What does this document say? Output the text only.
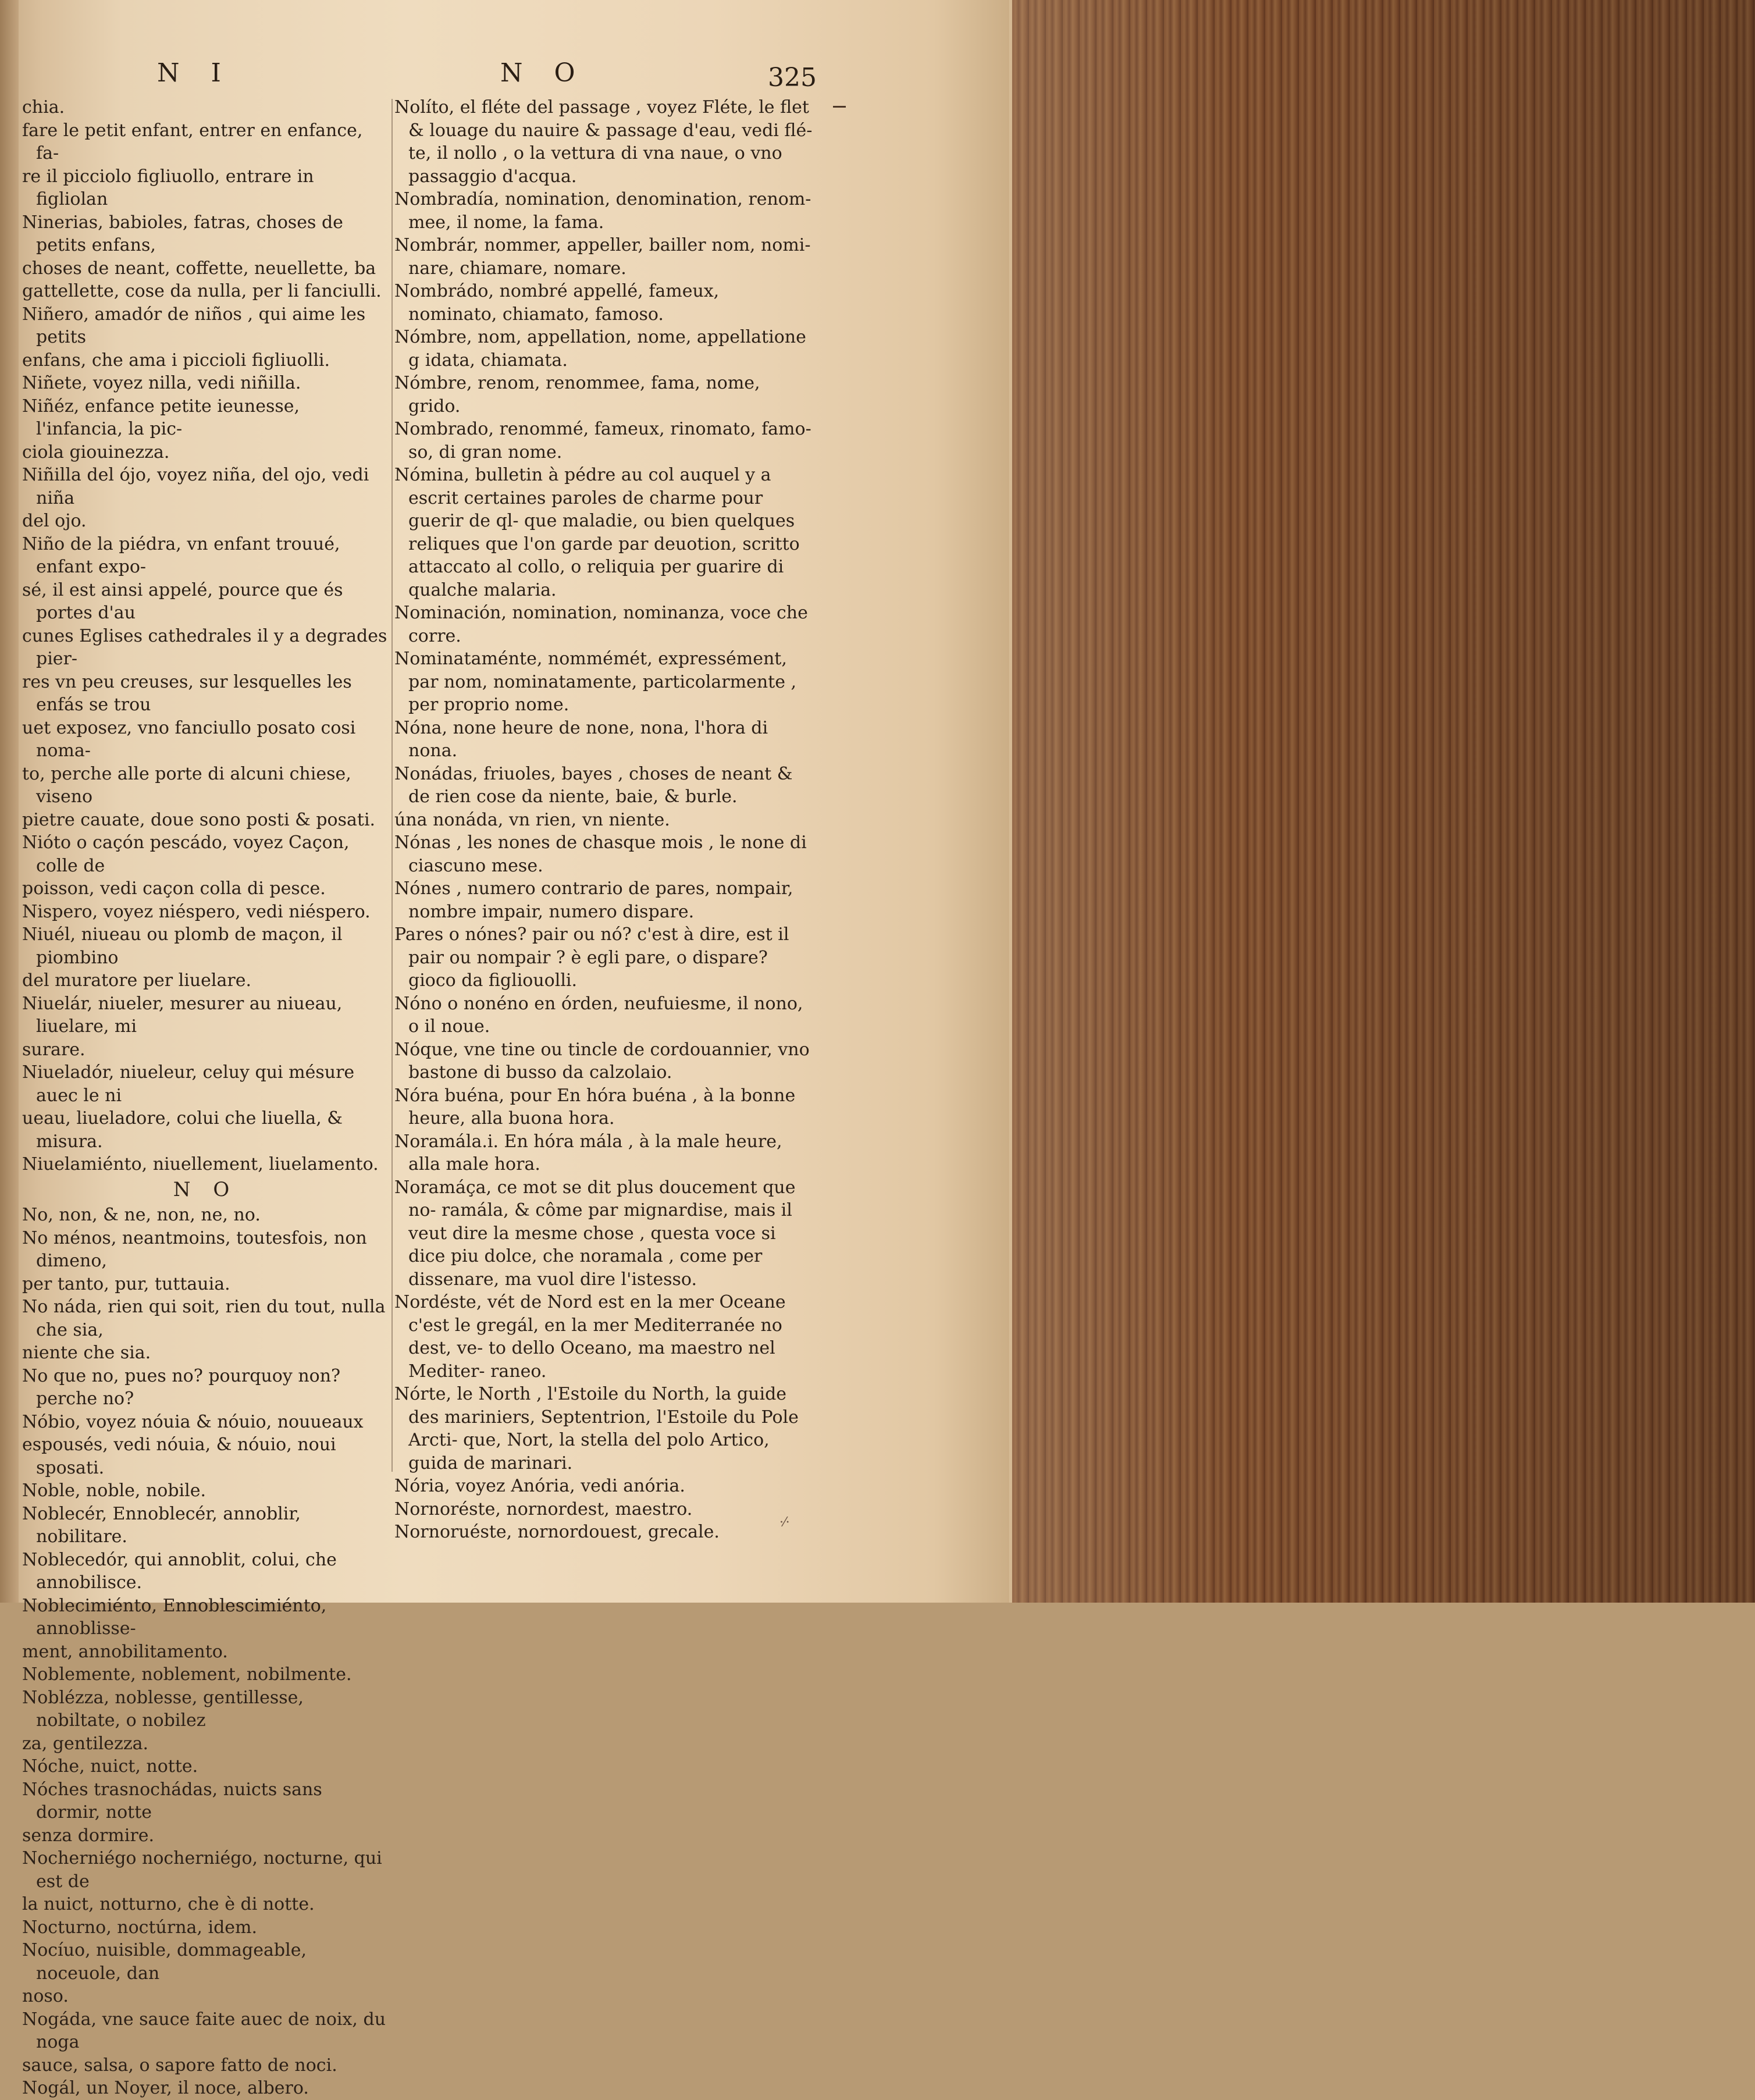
N I	N O	325
chia.
fare le petit enfant, entrer en enfance, fa-
re il picciolo figliuollo, entrare in figliolan
Ninerias, babioles, fatras, choses de petits enfans,
choses de neant, coffette, neuellette, ba
gattellette, cose da nulla, per li fanciulli.
Niñero, amadór de niños , qui aime les petits
enfans, che ama i piccioli figliuolli.
Niñete, voyez nilla, vedi niñilla.
Niñéz, enfance petite ieunesse, l'infancia, la pic-
ciola giouinezza.
Niñilla del ójo, voyez niña, del ojo, vedi niña
del ojo.
Niño de la piédra, vn enfant trouué, enfant expo-
sé, il est ainsi appelé, pource que és portes d'au
cunes Eglises cathedrales il y a degrades pier-
res vn peu creuses, sur lesquelles les enfás se trou
uet exposez, vno fanciullo posato cosi noma-
to, perche alle porte di alcuni chiese, viseno
pietre cauate, doue sono posti & posati.
Nióto o caçón pescádo, voyez Caçon, colle de
poisson, vedi caçon colla di pesce.
Nispero, voyez niéspero, vedi niéspero.
Niuél, niueau ou plomb de maçon, il piombino
del muratore per liuelare.
Niuelár, niueler, mesurer au niueau, liuelare, mi
surare.
Niueladór, niueleur, celuy qui mésure auec le ni
ueau, liueladore, colui che liuella, & misura.
Niuelamiénto, niuellement, liuelamento.
N O
No, non, & ne, non, ne, no.
No ménos, neantmoins, toutesfois, non dimeno,
per tanto, pur, tuttauia.
No náda, rien qui soit, rien du tout, nulla che sia,
niente che sia.
No que no, pues no? pourquoy non? perche no?
Nóbio, voyez nóuia & nóuio, nouueaux
espousés, vedi nóuia, & nóuio, noui sposati.
Noble, noble, nobile.
Noblecér, Ennoblecér, annoblir, nobilitare.
Noblecedór, qui annoblit, colui, che annobilisce.
Noblecimiénto, Ennoblescimiénto, annoblisse-
ment, annobilitamento.
Noblemente, noblement, nobilmente.
Noblézza, noblesse, gentillesse, nobiltate, o nobilez
za, gentilezza.
Nóche, nuict, notte.
Nóches trasnochádas, nuicts sans dormir, notte
senza dormire.
Nocherniégo nocherniégo, nocturne, qui est de
la nuict, notturno, che è di notte.
Nocturno, noctúrna, idem.
Nocíuo, nuisible, dommageable, noceuole, dan
noso.
Nogáda, vne sauce faite auec de noix, du noga
sauce, salsa, o sapore fatto de noci.
Nogál, un Noyer, il noce, albero.
Nolíto, el fléte del passage , voyez Fléte, le flet & louage du nauire & passage d'eau, vedi flé- te, il nollo , o la vettura di vna naue, o vno passaggio d'acqua.
Nombradía, nomination, denomination, renom- mee, il nome, la fama.
Nombrár, nommer, appeller, bailler nom, nomi- nare, chiamare, nomare.
Nombrádo, nombré appellé, fameux, nominato, chiamato, famoso.
Nómbre, nom, appellation, nome, appellatione g idata, chiamata.
Nómbre, renom, renommee, fama, nome, grido.
Nombrado, renommé, fameux, rinomato, famo- so, di gran nome.
Nómina, bulletin à pédre au col auquel y a escrit certaines paroles de charme pour guerir de ql- que maladie, ou bien quelques reliques que l'on garde par deuotion, scritto attaccato al collo, o reliquia per guarire di qualche malaria.
Nominación, nomination, nominanza, voce che corre.
Nominataménte, nommémét, expressément, par nom, nominatamente, particolarmente , per proprio nome.
Nóna, none heure de none, nona, l'hora di nona.
Nonádas, friuoles, bayes , choses de neant & de rien cose da niente, baie, & burle.
úna nonáda, vn rien, vn niente.
Nónas , les nones de chasque mois , le none di ciascuno mese.
Nónes , numero contrario de pares, nompair, nombre impair, numero dispare.
Pares o nónes? pair ou nó? c'est à dire, est il pair ou nompair ? è egli pare, o dispare? gioco da figliouolli.
Nóno o nonéno en órden, neufuiesme, il nono, o il noue.
Nóque, vne tine ou tincle de cordouannier, vno bastone di busso da calzolaio.
Nóra buéna, pour En hóra buéna , à la bonne heure, alla buona hora.
Noramála.i. En hóra mála , à la male heure, alla male hora.
Noramáça, ce mot se dit plus doucement que no- ramála, & côme par mignardise, mais il veut dire la mesme chose , questa voce si dice piu dolce, che noramala , come per dissenare, ma vuol dire l'istesso.
Nordéste, vét de Nord est en la mer Oceane c'est le gregál, en la mer Mediterranée no dest, ve- to dello Oceano, ma maestro nel Mediter- raneo.
Nórte, le North , l'Estoile du North, la guide des mariniers, Septentrion, l'Estoile du Pole Arcti- que, Nort, la stella del polo Artico, guida de marinari.
Nória, voyez Anória, vedi anória.
Nornoréste, nornordest, maestro.
Nornoruéste, nornordouest, grecale.	·⁄·
